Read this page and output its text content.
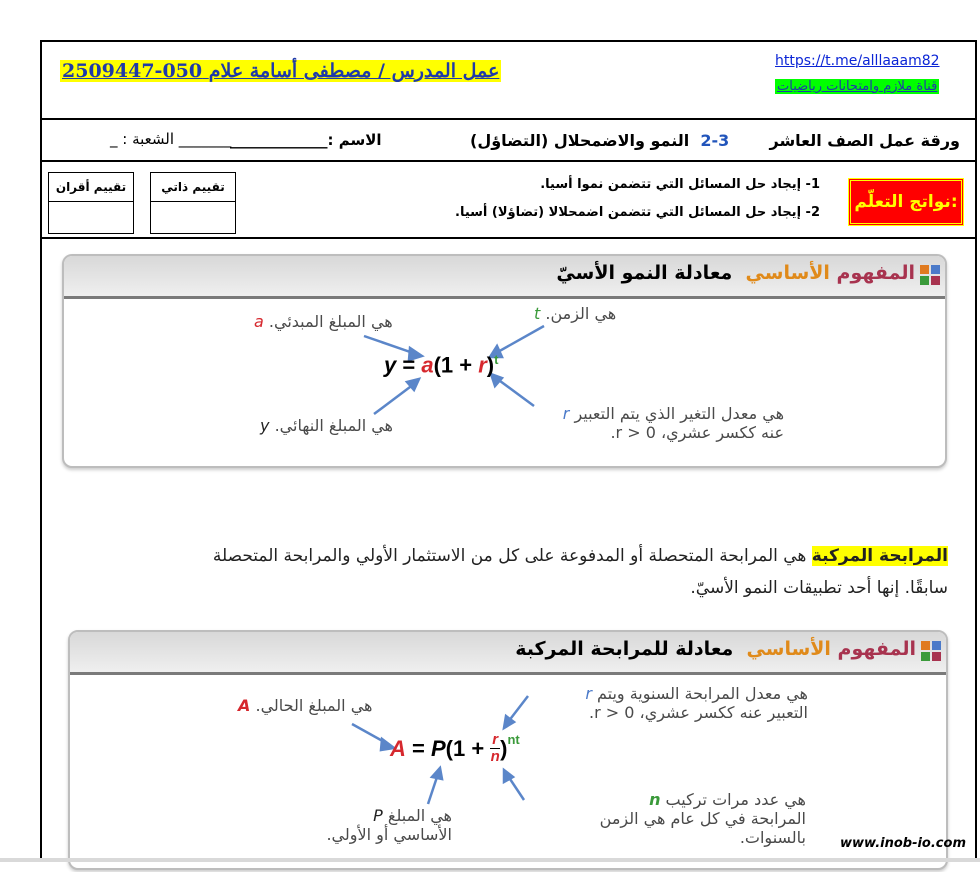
عمل المدرس / مصطفى أسامة علام 050-2509447	https://t.me/alllaaam82
قناة ملازم وامتحانات رياضيات
ورقة عمل الصف العاشر
2-3  النمو والاضمحلال (التضاؤل)
الاسم :_____________
_______ الشعبة : _
نواتج التعلّم:
1- إيجاد حل المسائل التي تتضمن نموا أسيا.
2- إيجاد حل المسائل التي تتضمن اضمحلالا (تضاؤلا) أسيا.
تقييم ذاتي
تقييم أقران
المفهوم الأساسي  معادلة النمو الأسيّ
هي المبلغ المبدئي. a	هي الزمن. t
$y = a(1 + r)^t$
هي المبلغ النهائي. y
هي معدل التغير الذي يتم التعبير r
عنه ككسر عشري، r > 0.
المرابحة المركبة هي المرابحة المتحصلة أو المدفوعة على كل من الاستثمار الأولي والمرابحة المتحصلة
سابقًا. إنها أحد تطبيقات النمو الأسيّ.
المفهوم الأساسي  معادلة للمرابحة المركبة
هي المبلغ الحالي. A
هي معدل المرابحة السنوية ويتم r
التعبير عنه ككسر عشري، r > 0.
A = P $(1 + \frac{r}{n} )^{nt}$
هي المبلغ P
الأساسي أو الأولي.
هي عدد مرات تركيب n
المرابحة في كل عام هي الزمن
بالسنوات.	www.inob-io.com
